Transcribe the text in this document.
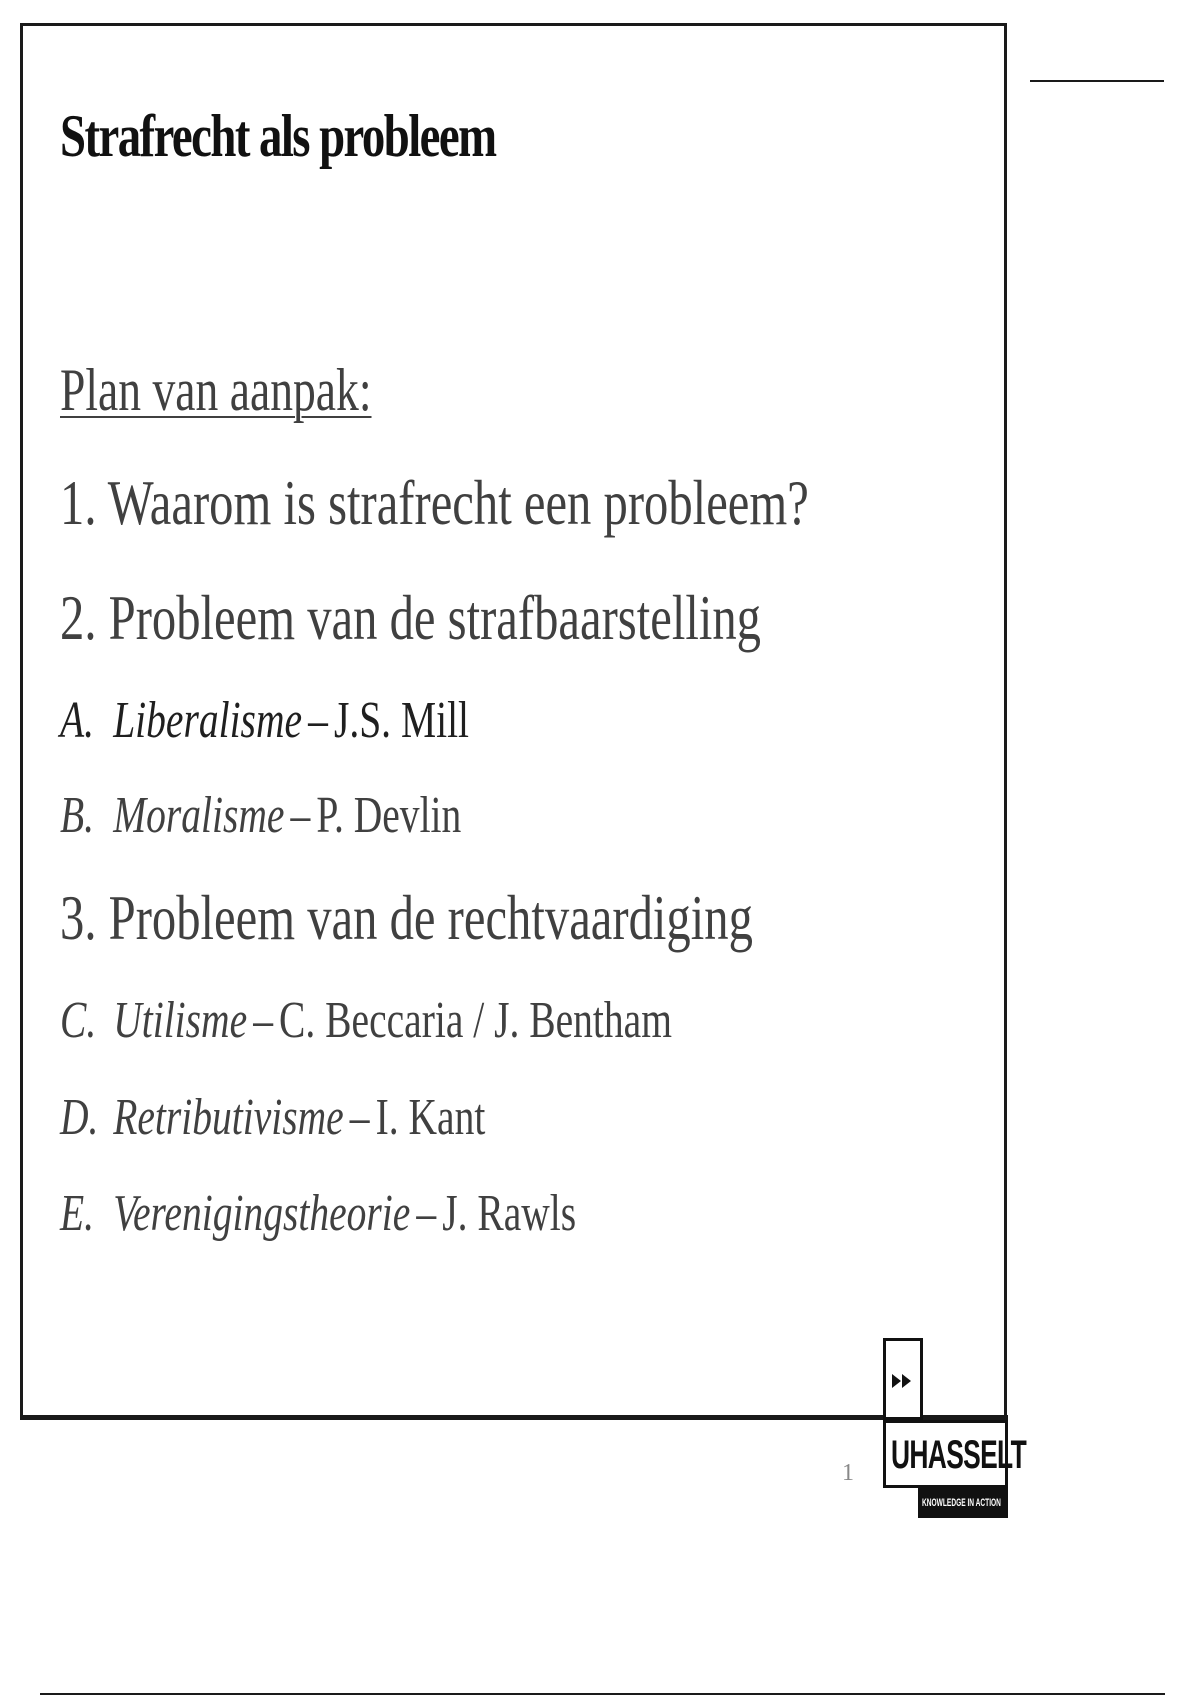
Strafrecht als probleem
Plan van aanpak:
1. Waarom is strafrecht een probleem?
2. Probleem van de strafbaarstelling
A. Liberalisme – J.S. Mill
B. Moralisme – P. Devlin
3. Probleem van de rechtvaardiging
C. Utilisme – C. Beccaria / J. Bentham
D. Retributivisme – I. Kant
E. Verenigingstheorie – J. Rawls
1 UHASSELT
KNOWLEDGE IN ACTION
